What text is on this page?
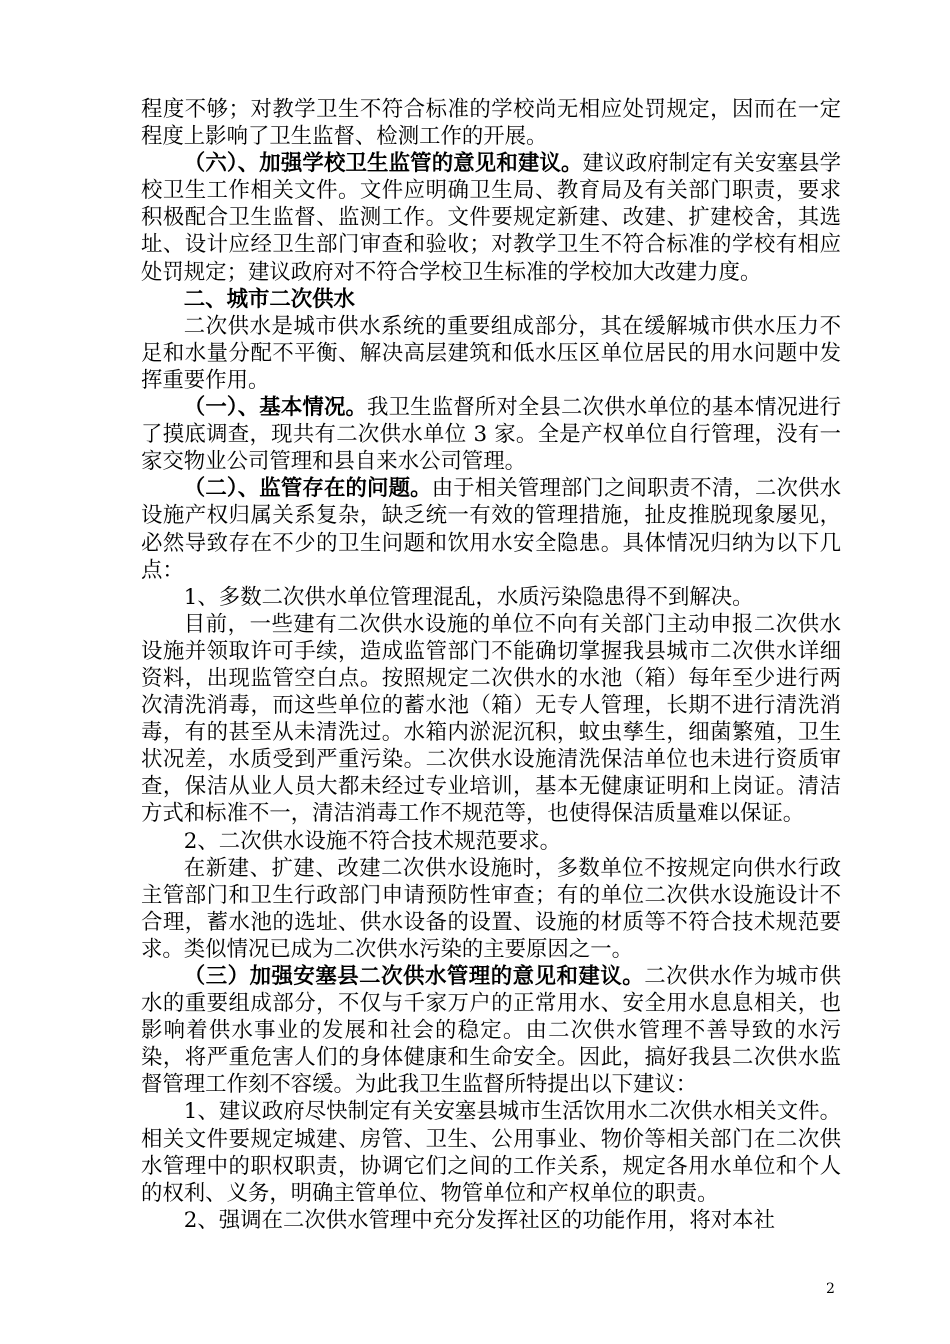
程度不够；对教学卫生不符合标准的学校尚无相应处罚规定，因而在一定程度上影响了卫生监督、检测工作的开展。

（六）、加强学校卫生监管的意见和建议。建议政府制定有关安塞县学校卫生工作相关文件。文件应明确卫生局、教育局及有关部门职责，要求积极配合卫生监督、监测工作。文件要规定新建、改建、扩建校舍，其选址、设计应经卫生部门审查和验收；对教学卫生不符合标准的学校有相应处罚规定；建议政府对不符合学校卫生标准的学校加大改建力度。

二、城市二次供水

二次供水是城市供水系统的重要组成部分，其在缓解城市供水压力不足和水量分配不平衡、解决高层建筑和低水压区单位居民的用水问题中发挥重要作用。

（一）、基本情况。我卫生监督所对全县二次供水单位的基本情况进行了摸底调查，现共有二次供水单位 3 家。全是产权单位自行管理，没有一家交物业公司管理和县自来水公司管理。

（二）、监管存在的问题。由于相关管理部门之间职责不清，二次供水设施产权归属关系复杂，缺乏统一有效的管理措施，扯皮推脱现象屡见，必然导致存在不少的卫生问题和饮用水安全隐患。具体情况归纳为以下几点：

1、多数二次供水单位管理混乱，水质污染隐患得不到解决。

目前，一些建有二次供水设施的单位不向有关部门主动申报二次供水设施并领取许可手续，造成监管部门不能确切掌握我县城市二次供水详细资料，出现监管空白点。按照规定二次供水的水池（箱）每年至少进行两次清洗消毒，而这些单位的蓄水池（箱）无专人管理，长期不进行清洗消毒，有的甚至从未清洗过。水箱内淤泥沉积，蚊虫孳生，细菌繁殖，卫生状况差，水质受到严重污染。二次供水设施清洗保洁单位也未进行资质审查，保洁从业人员大都未经过专业培训，基本无健康证明和上岗证。清洁方式和标准不一，清洁消毒工作不规范等，也使得保洁质量难以保证。

2、二次供水设施不符合技术规范要求。

在新建、扩建、改建二次供水设施时，多数单位不按规定向供水行政主管部门和卫生行政部门申请预防性审查；有的单位二次供水设施设计不合理，蓄水池的选址、供水设备的设置、设施的材质等不符合技术规范要求。类似情况已成为二次供水污染的主要原因之一。

（三）加强安塞县二次供水管理的意见和建议。二次供水作为城市供水的重要组成部分，不仅与千家万户的正常用水、安全用水息息相关，也影响着供水事业的发展和社会的稳定。由二次供水管理不善导致的水污染，将严重危害人们的身体健康和生命安全。因此，搞好我县二次供水监督管理工作刻不容缓。为此我卫生监督所特提出以下建议：

1、建议政府尽快制定有关安塞县城市生活饮用水二次供水相关文件。相关文件要规定城建、房管、卫生、公用事业、物价等相关部门在二次供水管理中的职权职责，协调它们之间的工作关系，规定各用水单位和个人的权利、义务，明确主管单位、物管单位和产权单位的职责。

2、强调在二次供水管理中充分发挥社区的功能作用，将对本社

2
